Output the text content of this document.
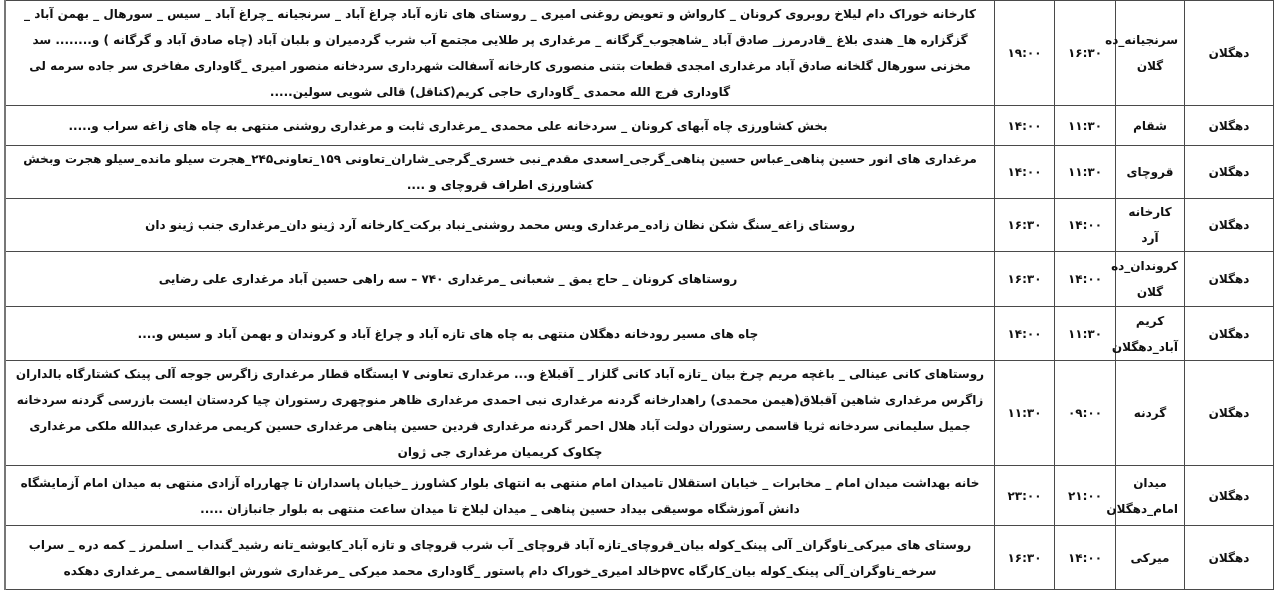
دهگلان	سرنجیانه_ده گلان	۱۶:۳۰	۱۹:۰۰	کارخانه خوراک دام لیلاخ روبروی کرونان _ کارواش و تعویض روغنی امیری _ روستای های تازه آباد چراغ آباد _ سرنجیانه _چراغ آباد _ سیس _ سورهال _ بهمن آباد _ گزگزاره ها_ هندی بلاغ _قادرمرز_ صادق آباد _شاهجوب_گرگانه _ مرغداری پر طلایی مجتمع آب شرب گردمیران و بلبان آباد (چاه صادق آباد و گرگانه ) و........ سد مخزنی سورهال گلخانه صادق آباد مرغداری امجدی قطعات بتنی منصوری کارخانه آسفالت شهرداری سردخانه منصور امیری _گاوداری مفاخری سر جاده سرمه لی گاوداری فرج الله محمدی _گاوداری حاجی کریم(کناقل) قالی شویی سولین.....
دهگلان	شقام	۱۱:۳۰	۱۴:۰۰	بخش کشاورزی چاه آبهای کرونان _ سردخانه علی محمدی _مرغداری ثابت و مرغداری روشنی منتهی به چاه های زاغه سراب و.....
دهگلان	قروچای	۱۱:۳۰	۱۴:۰۰	مرغداری های انور حسین پناهی_عباس حسین پناهی_گرجی_اسعدی مقدم_نبی خسری_گرجی_شاران_تعاونی ۱۵۹_تعاونی۲۴۵_هجرت سیلو مانده_سیلو هجرت وبخش کشاورزی اطراف قروچای و ....
دهگلان	کارخانه آرد	۱۴:۰۰	۱۶:۳۰	روستای زاغه_سنگ شکن نظان زاده_مرغداری ویس محمد روشنی_نباد برکت_کارخانه آرد ژینو دان_مرغداری جنب ژینو دان
دهگلان	کروندان_ده گلان	۱۴:۰۰	۱۶:۳۰	روستاهای کرونان _ حاج یمق _ شعبانی _مرغداری ۷۴۰ – سه راهی حسین آباد مرغداری علی رضایی
دهگلان	کریم آباد_دهگلان	۱۱:۳۰	۱۴:۰۰	چاه های مسیر رودخانه دهگلان منتهی به چاه های تازه آباد و چراغ آباد و کروندان و بهمن آباد و سیس و....
دهگلان	گردنه	۰۹:۰۰	۱۱:۳۰	روستاهای کانی عینالی _ باغچه مریم چرخ بیان _تازه آباد کانی گلزار _ آقبلاغ و... مرغداری تعاونی ۷ ایستگاه قطار مرغداری زاگرس جوجه آلی پینک کشتارگاه بالداران زاگرس مرغداری شاهین آقبلاق(هیمن محمدی) راهدارخانه گردنه مرغداری نبی احمدی مرغداری ظاهر منوچهری رستوران چیا کردستان ایست بازرسی گردنه سردخانه جمیل سلیمانی سردخانه ثریا قاسمی رستوران دولت آباد هلال احمر گردنه مرغداری فردین حسین پناهی مرغداری حسین کریمی مرغداری عبدالله ملکی مرغداری چکاوک کریمیان مرغداری جی ژوان
دهگلان	میدان امام_دهگلان	۲۱:۰۰	۲۳:۰۰	خانه بهداشت میدان امام _ مخابرات _ خیابان استقلال تامیدان امام منتهی به انتهای بلوار کشاورز _خیابان پاسداران تا چهارراه آزادی منتهی به میدان امام آزمایشگاه دانش آموزشگاه موسیقی بیداد حسین پناهی _ میدان لیلاخ تا میدان ساعت منتهی به بلوار جانبازان .....
دهگلان	میرکی	۱۴:۰۰	۱۶:۳۰	روستای های میرکی_ناوگران_ آلی پینک_کوله بیان_قروچای_تازه آباد قروچای_ آب شرب قروچای و تازه آباد_کایوشه_تانه رشید_گنداب _ اسلمرز _ کمه دره _ سراب سرخه_ناوگران_آلی پینک_کوله بیان_کارگاه pvcخالد امیری_خوراک دام پاستور _گاوداری محمد میرکی _مرغداری شورش ابوالقاسمی _مرغداری دهکده
